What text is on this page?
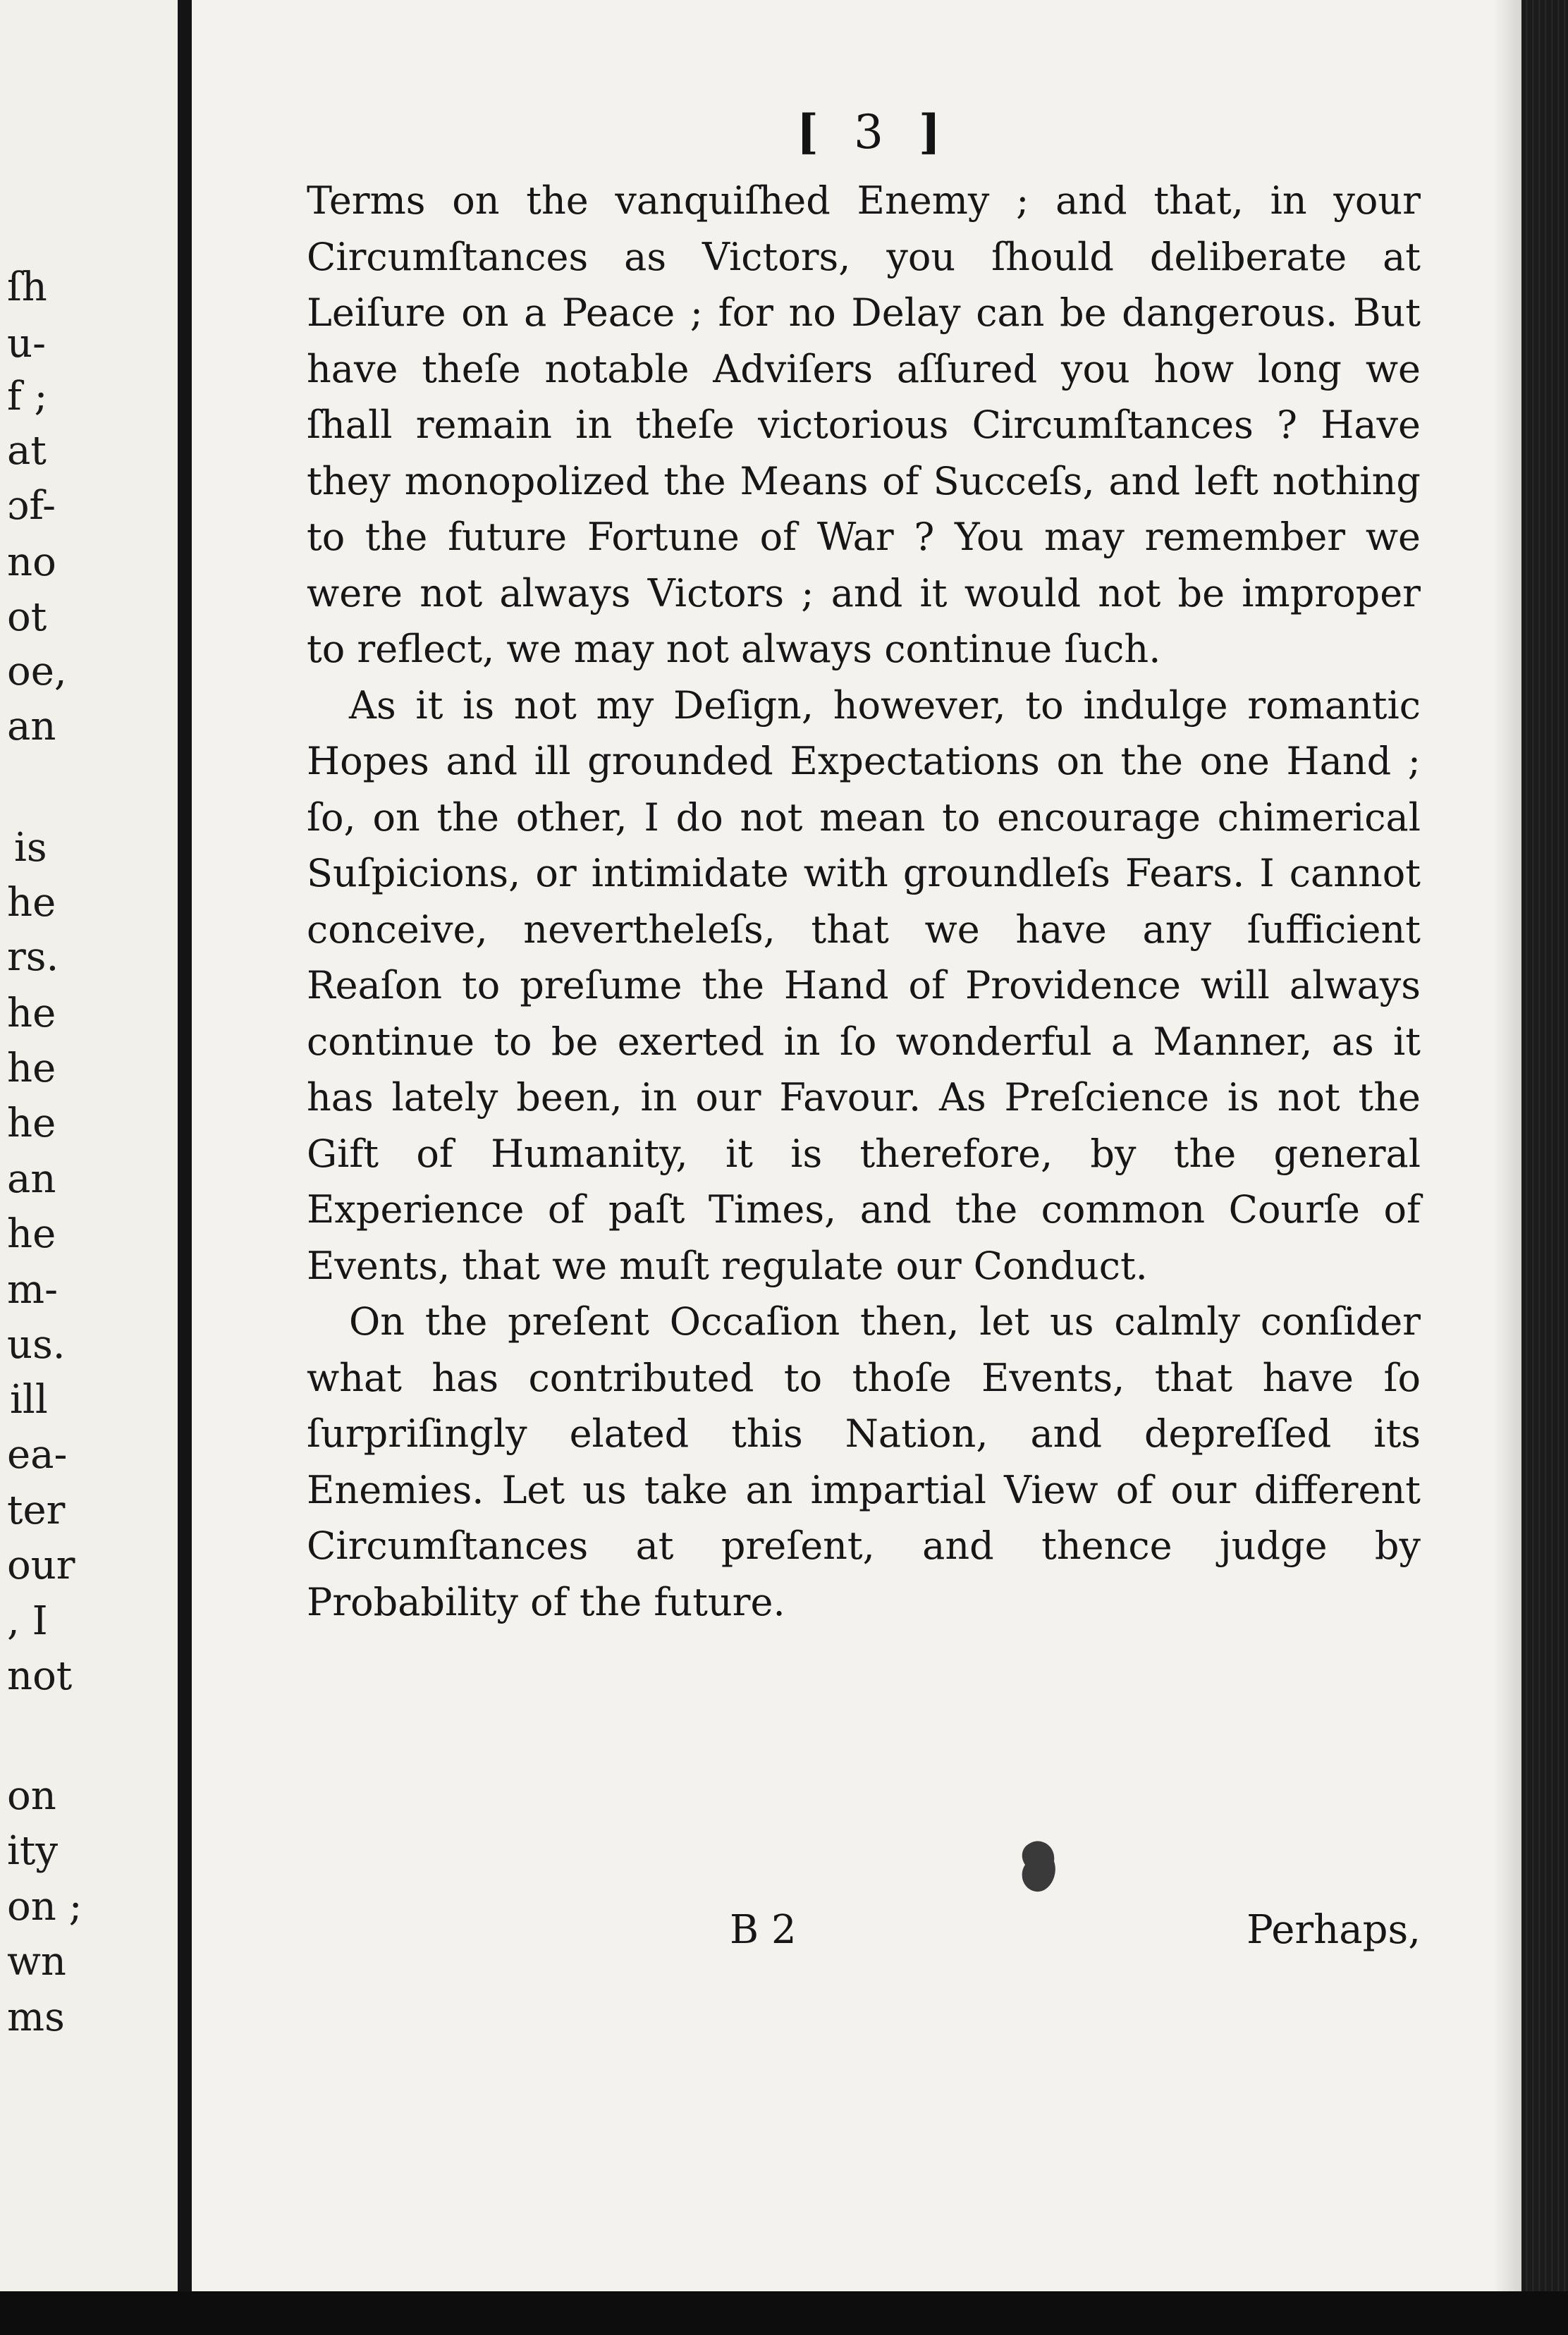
ſh
u-
f ;
at
ɔf-
no
ot
oe,
an
is
he
rs.
he
he
he
an
he
m-
us.
ill
ea-
ter
our
, I
not
on
ity
on ;
wn
ms
[ 3 ]

Terms on the vanquiſhed Enemy ; and that, in your Circumſtances as Victors, you ſhould deliberate at Leiſure on a Peace ; for no Delay can be dangerous. But have theſe notable Adviſers aſſured you how long we ſhall remain in theſe victorious Circumſtances ? Have they monopolized the Means of Succeſs, and left nothing to the future Fortune of War ? You may remember we were not always Victors ; and it would not be improper to reflect, we may not always continue ſuch.

As it is not my Deſign, however, to indulge romantic Hopes and ill grounded Expectations on the one Hand ; ſo, on the other, I do not mean to encourage chimerical Suſpicions, or intimidate with groundleſs Fears. I cannot conceive, neverthelеſs, that we have any ſufficient Reaſon to preſume the Hand of Providence will always continue to be exerted in ſo wonderful a Manner, as it has lately been, in our Favour. As Preſcience is not the Gift of Humanity, it is therefore, by the general Experience of paſt Times, and the common Courſe of Events, that we muſt regulate our Conduct.

On the preſent Occaſion then, let us calmly conſider what has contributed to thoſe Events, that have ſo ſurpriſingly elated this Nation, and depreſſed its Enemies. Let us take an impartial View of our different Circumſtances at preſent, and thence judge by Probability of the future.

B 2	Perhaps,
